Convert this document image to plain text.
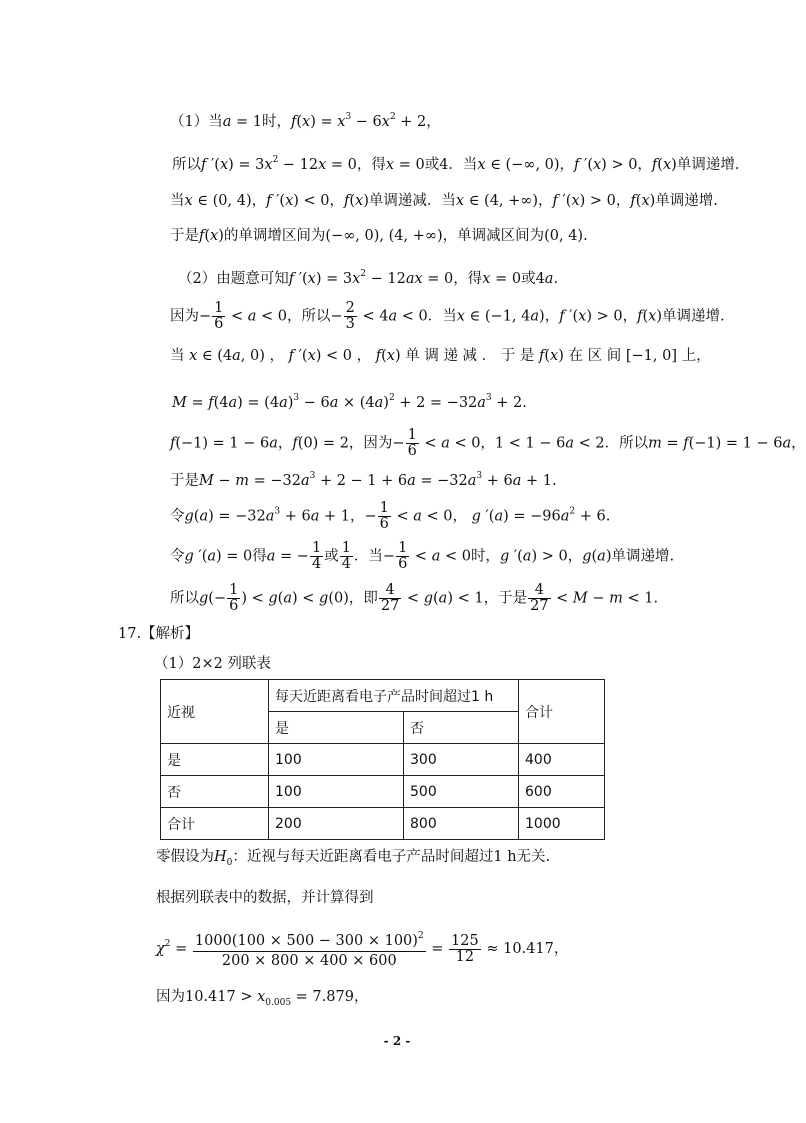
（1）当a = 1时，$f(x) = x^3 - 6x^2 + 2$，
所以f $'(x) = 3x^2 - 12x = 0$，得x = 0或4．当x ∈ (−∞, 0)，f ′(x) > 0，f(x)单调递增.
当x ∈ (0, 4)，f ′(x) < 0，f(x)单调递减．当x ∈ (4, +∞)，f ′(x) > 0，f(x)单调递增.
于是f(x)的单调增区间为(−∞, 0), (4, +∞)，单调减区间为(0, 4).
（2）由题意可知f $'(x) = 3x^2 - 12ax = 0$，得x = 0或4a.
因为− $\frac{1}{6} < a < 0$，所以− $\frac{2}{3} < 4a < 0$．当x ∈ (−1, 4a)，f ′(x) > 0，f(x)单调递增.
当 x ∈ (4a, 0) ， f ′(x) < 0 ， f(x) 单 调 递 减 ． 于 是 f(x) 在 区 间 [−1, 0] 上，
$M = f(4a) = (4a)^3 - 6a \times (4a)^2 + 2 = -32a^3 + 2$.
f(−1) = 1 − 6a，f(0) = 2，因为− $\frac{1}{6} < a < 0$，1 < 1 − 6a < 2．所以m = f(−1) = 1 − 6a，
于是$M - m = -32a^3 + 2 - 1 + 6a = -32a^3 + 6a + 1$.
令$g(a) = -32a^3 + 6a + 1$，− $\frac{1}{6} < a < 0$， g $'(a) = -96a^2 + 6$.
令g ′(a) = 0得a = − $\frac{1}{4}$ 或 $\frac{1}{4}$ ．当− $\frac{1}{6} < a < 0$时，g ′(a) > 0，g(a)单调递增.
所以$g(- \frac{1}{6}$ ) < g(a) < g(0)，即 $\frac{4}{27} < g(a) < 1$，于是 $\frac{4}{27} < M - m < 1$.
17.【解析】
（1）2×2 列联表
近视	每天近距离看电子产品时间超过1 h		合计
	是	否	
是	100	300	400
否	100	500	600
合计	200	800	1000
零假设为$H_0$：近视与每天近距离看电子产品时间超过1 h无关.
根据列联表中的数据，并计算得到
$\chi^2 = \frac{1000(100 \times 500 - 300 \times 100)^2}{200 \times 800 \times 400 \times 600} = \frac{125}{12} \approx 10.417$，
因为$10.417 > x_{0.005} = 7.879$，
- 2 -
